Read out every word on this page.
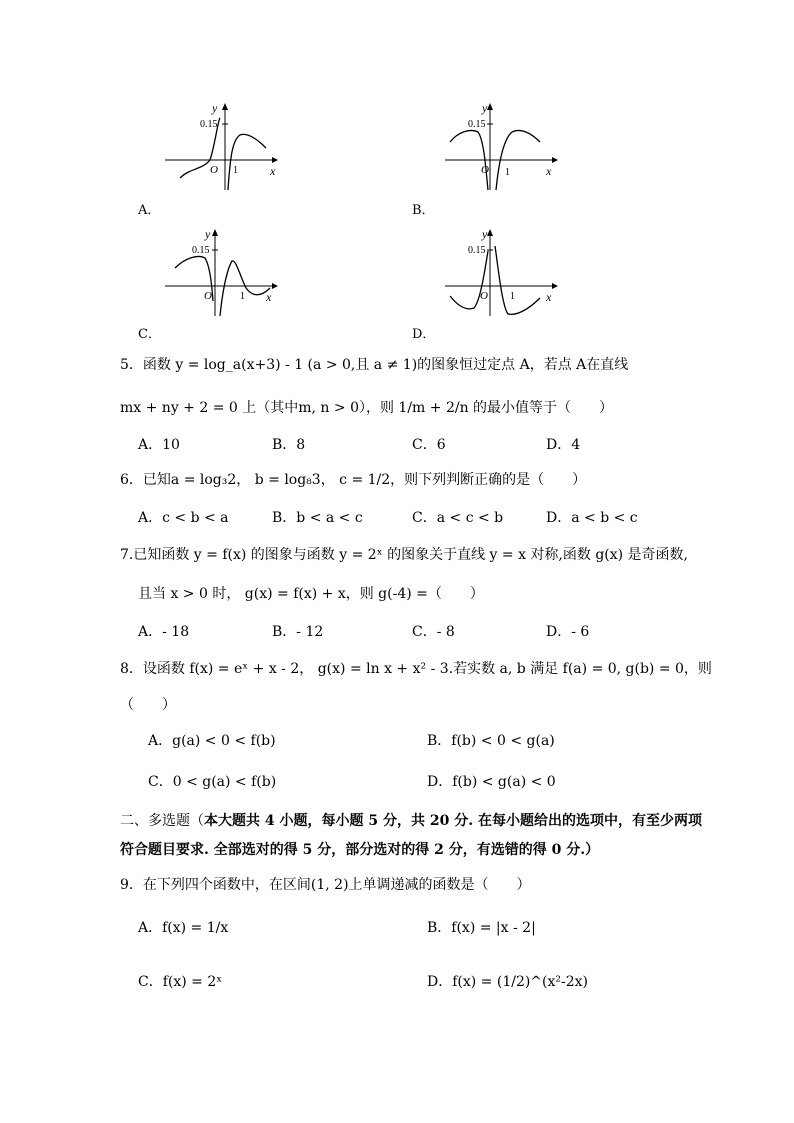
y
0.15
O 1	x
A．
y
0.15
O 1	x
B．
y
0.15
O	1 x
C．
y
0.15
O 1	x
D．
5．函数 y = log_a(x+3) - 1 (a > 0,且 a ≠ 1)的图象恒过定点 A，若点 A在直线
mx + ny + 2 = 0 上（其中m, n > 0），则 1/m + 2/n 的最小值等于（　　）
A．10	B．8	C．6	D．4
6．已知a = log₃2， b = log₈3， c = 1/2，则下列判断正确的是（　　）
A．c < b < a	B．b < a < c	C．a < c < b	D．a < b < c
7.已知函数 y = f(x) 的图象与函数 y = 2ˣ 的图象关于直线 y = x 对称,函数 g(x) 是奇函数,
且当 x > 0 时， g(x) = f(x) + x，则 g(-4) =（　　）
A．- 18	B．- 12	C．- 8	D．- 6
8．设函数 f(x) = eˣ + x - 2， g(x) = ln x + x² - 3.若实数 a, b 满足 f(a) = 0, g(b) = 0，则
（　　）
A．g(a) < 0 < f(b)	B．f(b) < 0 < g(a)
C．0 < g(a) < f(b)	D．f(b) < g(a) < 0
二、多选题（本大题共 4 小题，每小题 5 分，共 20 分. 在每小题给出的选项中，有至少两项
符合题目要求. 全部选对的得 5 分，部分选对的得 2 分，有选错的得 0 分.）
9．在下列四个函数中，在区间(1, 2)上单调递减的函数是（　　）
A．f(x) = 1/x	B．f(x) = |x - 2|
C．f(x) = 2ˣ	D．f(x) = (1/2)^(x²-2x)
